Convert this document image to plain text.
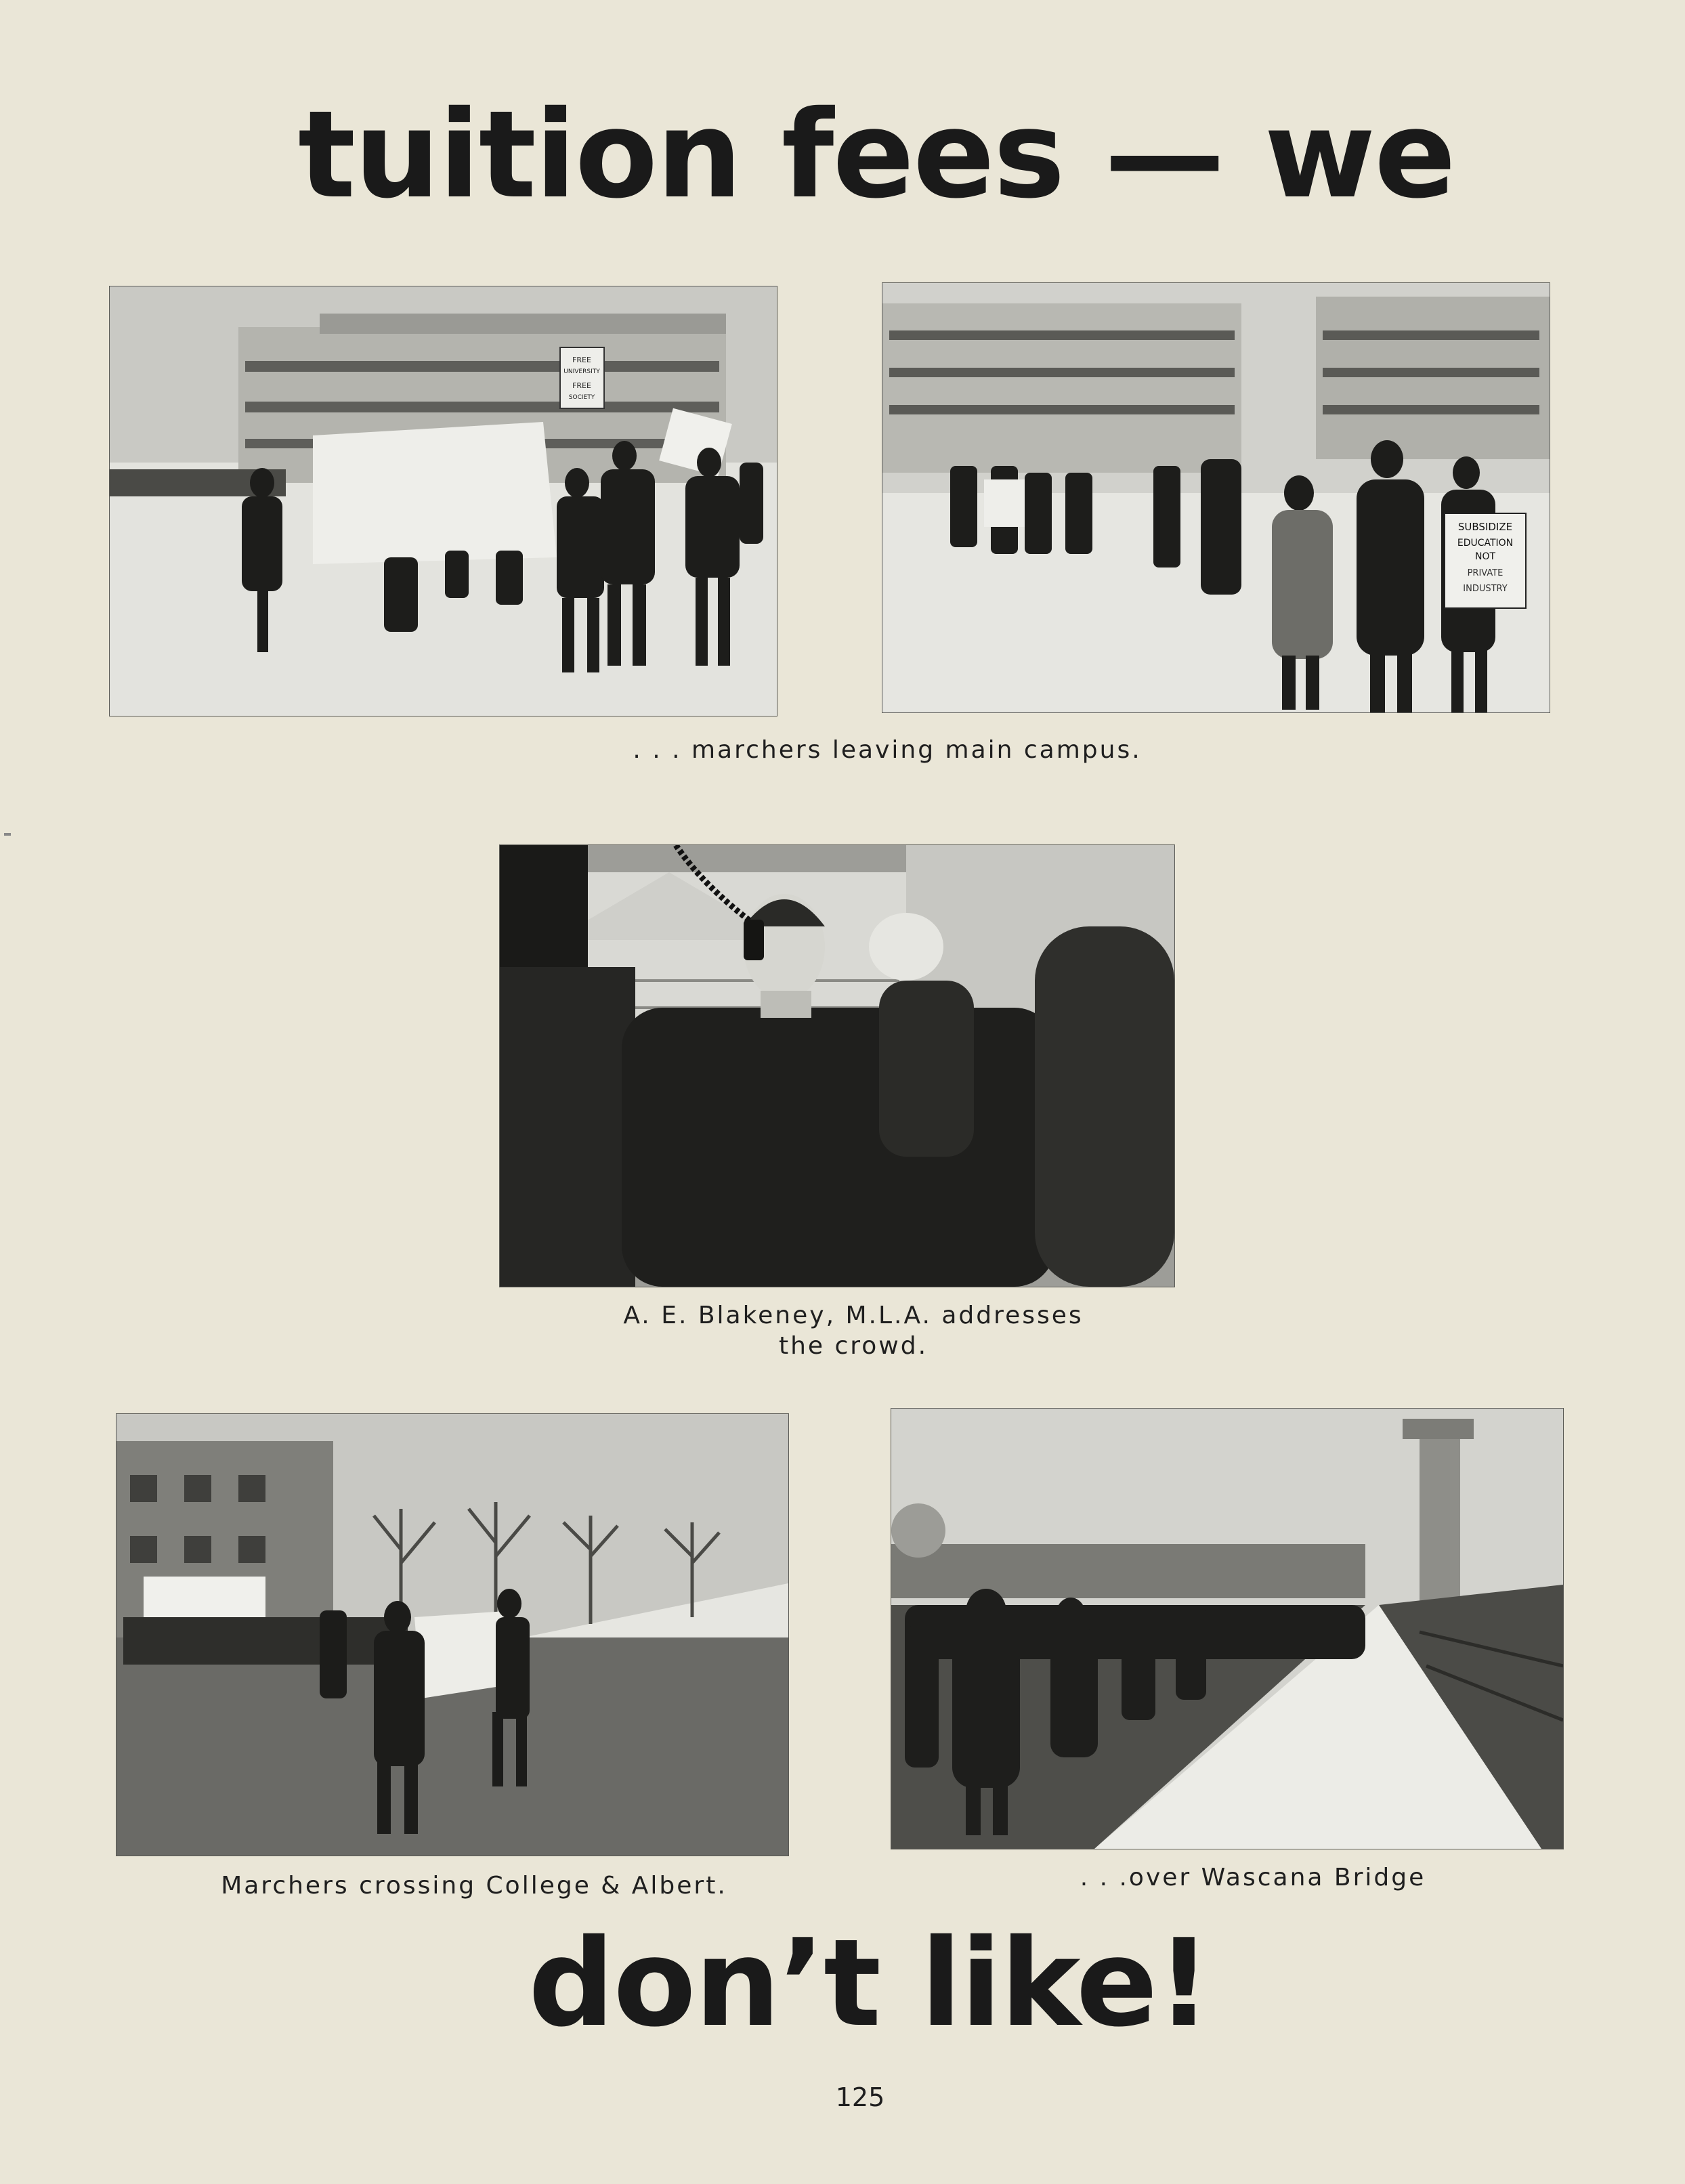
tuition fees — we
FREE
UNIVERSITY
FREE
SOCIETY
SUBSIDIZE
EDUCATION
NOT
PRIVATE
INDUSTRY

. . . marchers leaving main campus.

A. E. Blakeney, M.L.A. addresses
the crowd.

Marchers crossing College & Albert.	. . .over Wascana Bridge

don’t like!

125
